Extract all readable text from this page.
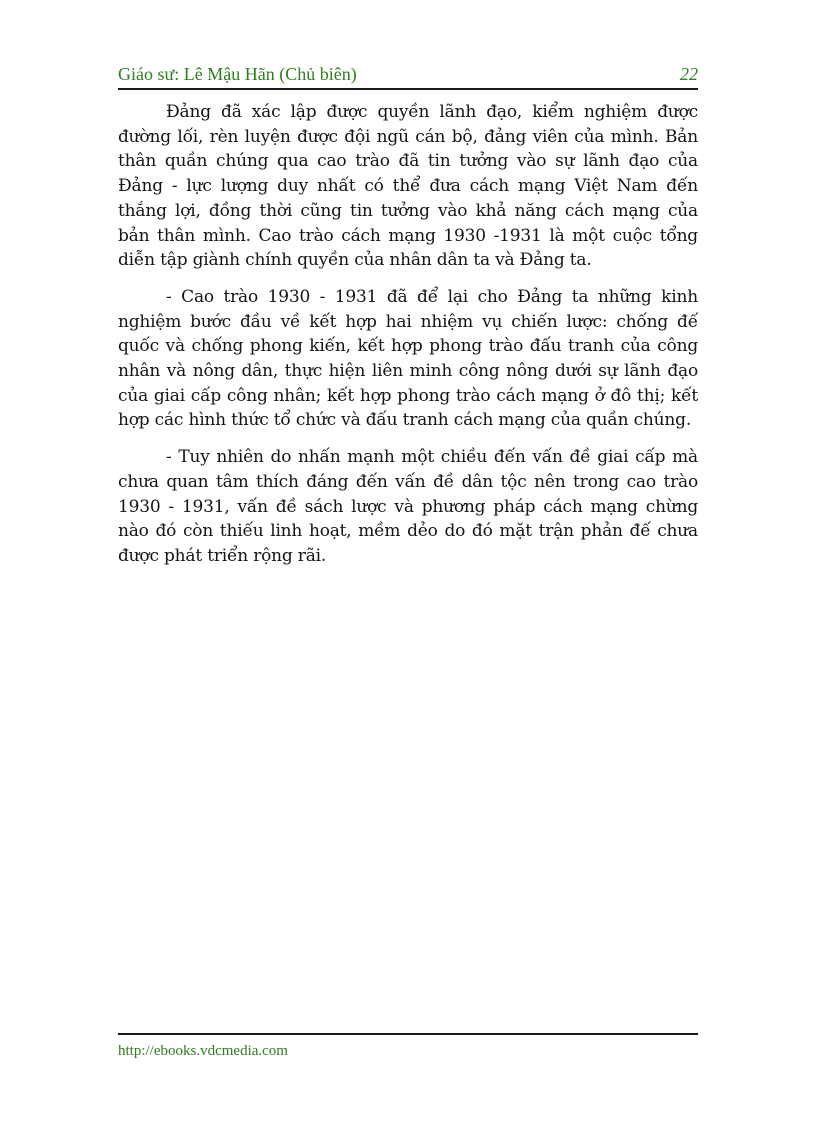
Giáo sư: Lê Mậu Hãn (Chủ biên)	22

Đảng đã xác lập được quyền lãnh đạo, kiểm nghiệm được đường lối, rèn luyện được đội ngũ cán bộ, đảng viên của mình. Bản thân quần chúng qua cao trào đã tin tưởng vào sự lãnh đạo của Đảng - lực lượng duy nhất có thể đưa cách mạng Việt Nam đến thắng lợi, đồng thời cũng tin tưởng vào khả năng cách mạng của bản thân mình. Cao trào cách mạng 1930 -1931 là một cuộc tổng diễn tập giành chính quyền của nhân dân ta và Đảng ta.

- Cao trào 1930 - 1931 đã để lại cho Đảng ta những kinh nghiệm bước đầu về kết hợp hai nhiệm vụ chiến lược: chống đế quốc và chống phong kiến, kết hợp phong trào đấu tranh của công nhân và nông dân, thực hiện liên minh công nông dưới sự lãnh đạo của giai cấp công nhân; kết hợp phong trào cách mạng ở đô thị; kết hợp các hình thức tổ chức và đấu tranh cách mạng của quần chúng.

- Tuy nhiên do nhấn mạnh một chiều đến vấn đề giai cấp mà chưa quan tâm thích đáng đến vấn đề dân tộc nên trong cao trào 1930 - 1931, vấn đề sách lược và phương pháp cách mạng chừng nào đó còn thiếu linh hoạt, mềm dẻo do đó mặt trận phản đế chưa được phát triển rộng rãi.

http://ebooks.vdcmedia.com
